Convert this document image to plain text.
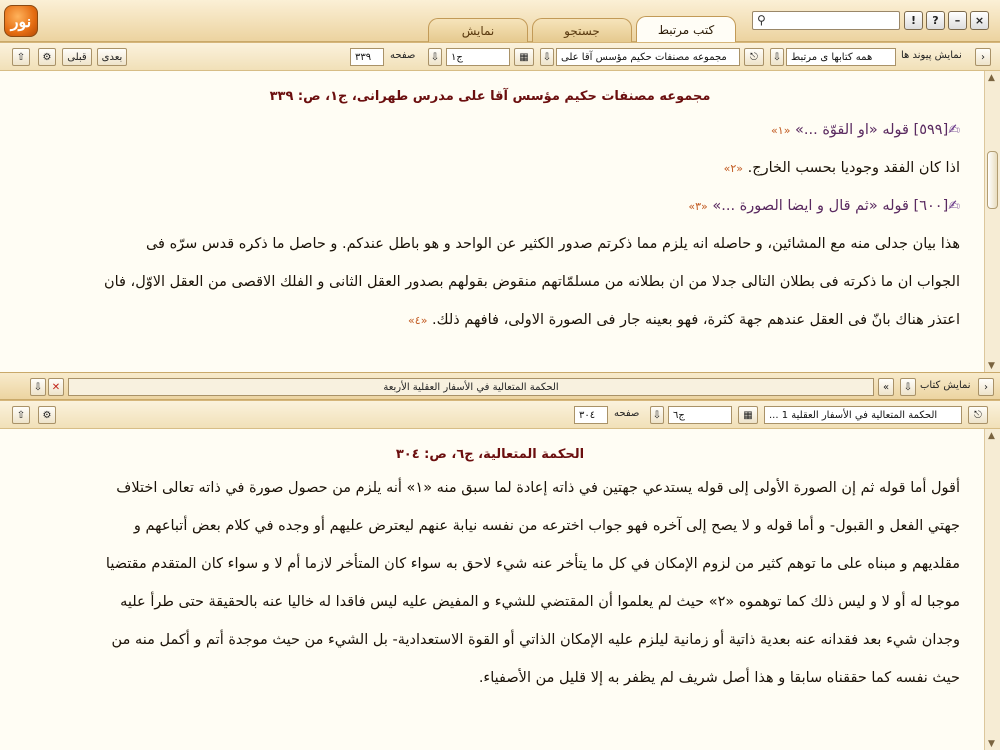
نور	کتب مرتبط
جستجو
نمایش
⚲	!	?	–	×
⇧	⚙	قبلی	بعدی	٣٣٩	صفحه ⇩	ج١	▦	⇩ مجموعه مصنفات حکیم مؤسس آقا علی	⎋	⇩ همه کتابها ی مرتبط	نمایش پیوند ها	›
مجموعه مصنفات حکیم مؤسس آقا علی مدرس طهرانی، ج١، ص: ٣٣٩
✍[٥٩٩] قوله «او القوّة ...» «١»
اذا كان الفقد وجوديا بحسب الخارج. «٢»
✍[٦٠٠] قوله «ثم قال و ايضا الصورة ...» «٣»
هذا بيان جدلى منه مع المشائين، و حاصله انه يلزم مما ذكرتم صدور الكثير عن الواحد و هو باطل عندكم. و حاصل ما ذكره قدس سرّه فى
الجواب ان ما ذكرته فى بطلان التالى جدلا من ان بطلانه من مسلمّاتهم منقوض بقولهم بصدور العقل الثانى و الفلك الاقصى من العقل الاوّل، فان
اعتذر هناك بانّ فى العقل عندهم جهة كثرة، فهو بعينه جار فى الصورة الاولى، فافهم ذلك. «٤»
▲
▼
⇩ ✕	الحكمة المتعالية في الأسفار العقلية الأربعة	«	⇩ نمایش کتاب	›
⇧	⚙	٣٠٤	صفحه ⇩	ج٦	▦	الحكمة المتعالية في الأسفار العقلية 1 ...	⎋
الحكمة المتعالية، ج٦، ص: ٣٠٤
أقول أما قوله ثم إن الصورة الأولى إلى قوله يستدعي جهتين في ذاته إعادة لما سبق منه «١» أنه يلزم من حصول صورة في ذاته تعالى اختلاف
جهتي الفعل و القبول- و أما قوله و لا يصح إلى آخره فهو جواب اخترعه من نفسه نيابة عنهم ليعترض عليهم أو وجده في كلام بعض أتباعهم و
مقلديهم و مبناه على ما توهم كثير من لزوم الإمكان في كل ما يتأخر عنه شيء لاحق به سواء كان المتأخر لازما أم لا و سواء كان المتقدم مقتضيا
موجبا له أو لا و ليس ذلك كما توهموه «٢» حيث لم يعلموا أن المقتضي للشيء و المفيض عليه ليس فاقدا له خاليا عنه بالحقيقة حتى طرأ عليه
وجدان شيء بعد فقدانه عنه بعدية ذاتية أو زمانية ليلزم عليه الإمكان الذاتي أو القوة الاستعدادية- بل الشيء من حيث موجدة أتم و أكمل منه من
حيث نفسه كما حققناه سابقا و هذا أصل شريف لم يظفر به إلا قليل من الأصفياء.
▲
▼
